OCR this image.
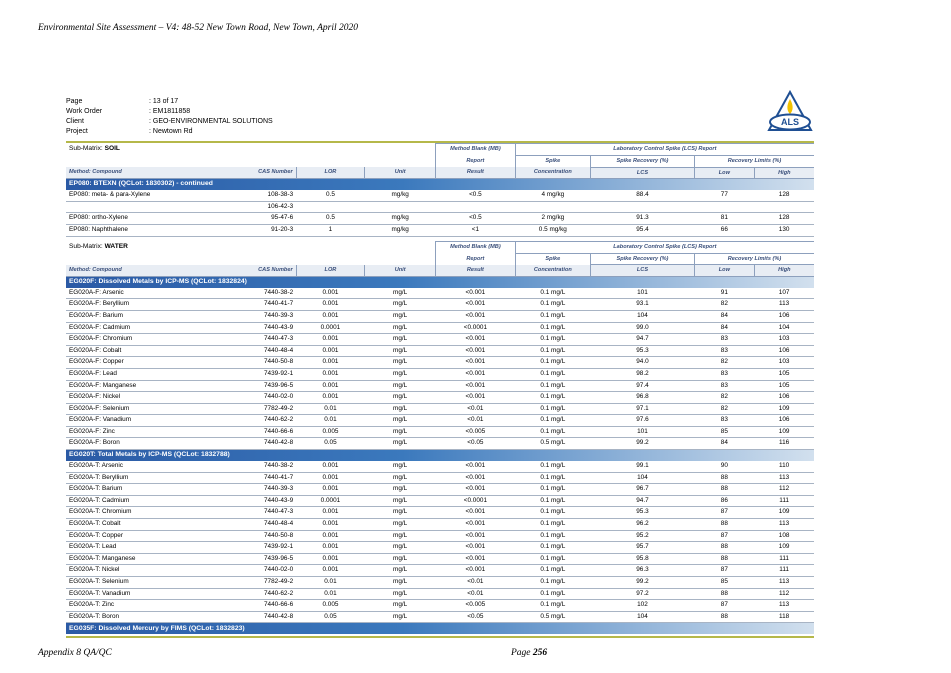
Environmental Site Assessment – V4: 48-52 New Town Road, New Town, April 2020
Page	: 13 of 17
Work Order	: EM1811858
Client	: GEO-ENVIRONMENTAL SOLUTIONS
Project	: Newtown Rd
ALS
Sub-Matrix: SOIL				Method Blank (MB)	Laboratory Control Spike (LCS) Report			
				Report	Spike	Spike Recovery (%)	Recovery Limits (%)	
Method: Compound	CAS Number	LOR	Unit	Result	Concentration	LCS	Low	High
EP080: BTEXN (QCLot: 1830302) - continued								
EP080: meta- & para-Xylene	108-38-3	0.5	mg/kg	<0.5	4 mg/kg	88.4	77	128
	106-42-3							
EP080: ortho-Xylene	95-47-6	0.5	mg/kg	<0.5	2 mg/kg	91.3	81	128
EP080: Naphthalene	91-20-3	1	mg/kg	<1	0.5 mg/kg	95.4	66	130
Sub-Matrix: WATER				Method Blank (MB)	Laboratory Control Spike (LCS) Report			
				Report	Spike	Spike Recovery (%)	Recovery Limits (%)	
Method: Compound	CAS Number	LOR	Unit	Result	Concentration	LCS	Low	High
EG020F: Dissolved Metals by ICP-MS (QCLot: 1832824)								
EG020A-F: Arsenic	7440-38-2	0.001	mg/L	<0.001	0.1 mg/L	101	91	107
EG020A-F: Beryllium	7440-41-7	0.001	mg/L	<0.001	0.1 mg/L	93.1	82	113
EG020A-F: Barium	7440-39-3	0.001	mg/L	<0.001	0.1 mg/L	104	84	106
EG020A-F: Cadmium	7440-43-9	0.0001	mg/L	<0.0001	0.1 mg/L	99.0	84	104
EG020A-F: Chromium	7440-47-3	0.001	mg/L	<0.001	0.1 mg/L	94.7	83	103
EG020A-F: Cobalt	7440-48-4	0.001	mg/L	<0.001	0.1 mg/L	95.3	83	106
EG020A-F: Copper	7440-50-8	0.001	mg/L	<0.001	0.1 mg/L	94.0	82	103
EG020A-F: Lead	7439-92-1	0.001	mg/L	<0.001	0.1 mg/L	98.2	83	105
EG020A-F: Manganese	7439-96-5	0.001	mg/L	<0.001	0.1 mg/L	97.4	83	105
EG020A-F: Nickel	7440-02-0	0.001	mg/L	<0.001	0.1 mg/L	96.8	82	106
EG020A-F: Selenium	7782-49-2	0.01	mg/L	<0.01	0.1 mg/L	97.1	82	109
EG020A-F: Vanadium	7440-62-2	0.01	mg/L	<0.01	0.1 mg/L	97.6	83	106
EG020A-F: Zinc	7440-66-6	0.005	mg/L	<0.005	0.1 mg/L	101	85	109
EG020A-F: Boron	7440-42-8	0.05	mg/L	<0.05	0.5 mg/L	99.2	84	116
EG020T: Total Metals by ICP-MS (QCLot: 1832788)								
EG020A-T: Arsenic	7440-38-2	0.001	mg/L	<0.001	0.1 mg/L	99.1	90	110
EG020A-T: Beryllium	7440-41-7	0.001	mg/L	<0.001	0.1 mg/L	104	88	113
EG020A-T: Barium	7440-39-3	0.001	mg/L	<0.001	0.1 mg/L	96.7	88	112
EG020A-T: Cadmium	7440-43-9	0.0001	mg/L	<0.0001	0.1 mg/L	94.7	86	111
EG020A-T: Chromium	7440-47-3	0.001	mg/L	<0.001	0.1 mg/L	95.3	87	109
EG020A-T: Cobalt	7440-48-4	0.001	mg/L	<0.001	0.1 mg/L	96.2	88	113
EG020A-T: Copper	7440-50-8	0.001	mg/L	<0.001	0.1 mg/L	95.2	87	108
EG020A-T: Lead	7439-92-1	0.001	mg/L	<0.001	0.1 mg/L	95.7	88	109
EG020A-T: Manganese	7439-96-5	0.001	mg/L	<0.001	0.1 mg/L	95.8	88	111
EG020A-T: Nickel	7440-02-0	0.001	mg/L	<0.001	0.1 mg/L	96.3	87	111
EG020A-T: Selenium	7782-49-2	0.01	mg/L	<0.01	0.1 mg/L	99.2	85	113
EG020A-T: Vanadium	7440-62-2	0.01	mg/L	<0.01	0.1 mg/L	97.2	88	112
EG020A-T: Zinc	7440-66-6	0.005	mg/L	<0.005	0.1 mg/L	102	87	113
EG020A-T: Boron	7440-42-8	0.05	mg/L	<0.05	0.5 mg/L	104	88	118
EG035F: Dissolved Mercury by FIMS (QCLot: 1832823)								
Appendix 8 QA/QC	Page 256
